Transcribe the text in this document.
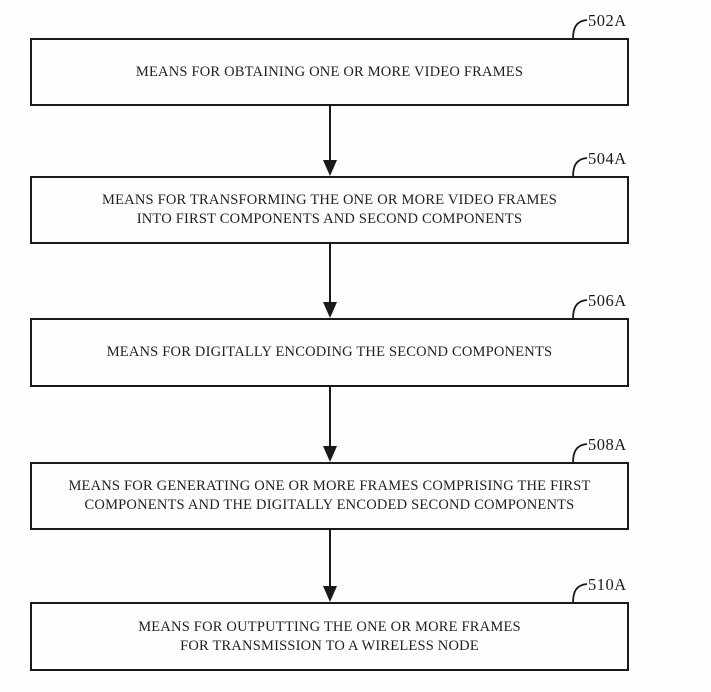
502A
MEANS FOR OBTAINING ONE OR MORE VIDEO FRAMES
504A
MEANS FOR TRANSFORMING THE ONE OR MORE VIDEO FRAMES
INTO FIRST COMPONENTS AND SECOND COMPONENTS
506A
MEANS FOR DIGITALLY ENCODING THE SECOND COMPONENTS
508A
MEANS FOR GENERATING ONE OR MORE FRAMES COMPRISING THE FIRST
COMPONENTS AND THE DIGITALLY ENCODED SECOND COMPONENTS
510A
MEANS FOR OUTPUTTING THE ONE OR MORE FRAMES
FOR TRANSMISSION TO A WIRELESS NODE
